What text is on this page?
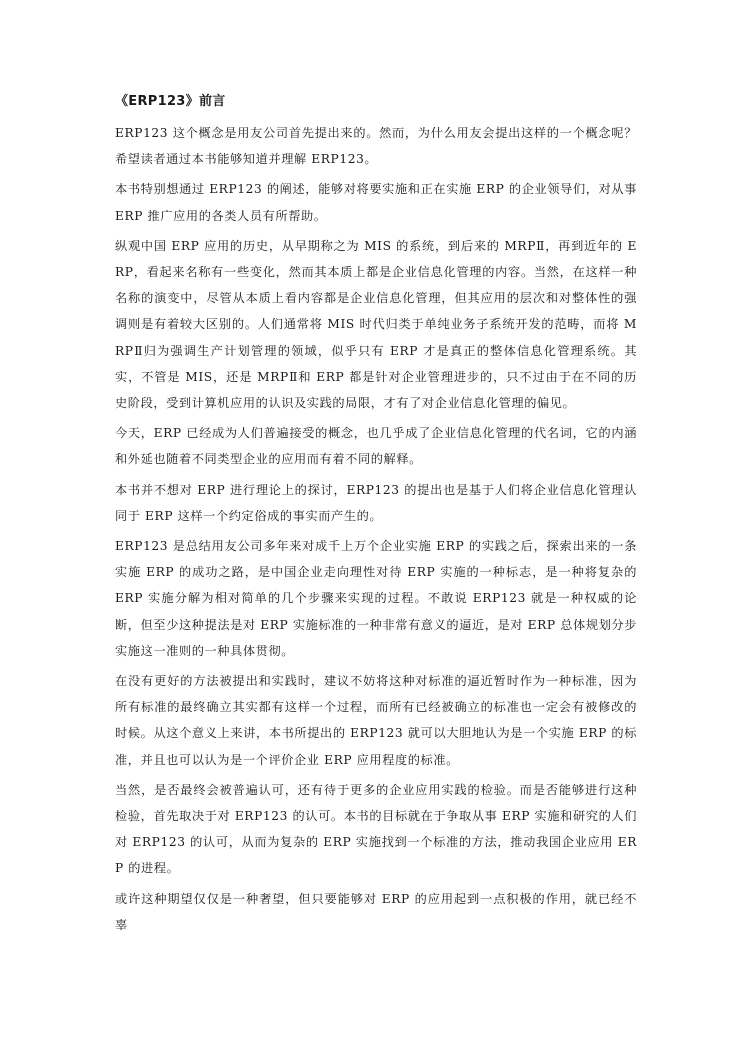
《ERP123》前言

ERP123 这个概念是用友公司首先提出来的。然而，为什么用友会提出这样的一个概念呢？希望读者通过本书能够知道并理解 ERP123。

本书特别想通过 ERP123 的阐述，能够对将要实施和正在实施 ERP 的企业领导们，对从事 ERP 推广应用的各类人员有所帮助。

纵观中国 ERP 应用的历史，从早期称之为 MIS 的系统，到后来的 MRPⅡ，再到近年的 ERP，看起来名称有一些变化，然而其本质上都是企业信息化管理的内容。当然，在这样一种名称的演变中，尽管从本质上看内容都是企业信息化管理，但其应用的层次和对整体性的强调则是有着较大区别的。人们通常将 MIS 时代归类于单纯业务子系统开发的范畴，而将 MRPⅡ归为强调生产计划管理的领域，似乎只有 ERP 才是真正的整体信息化管理系统。其实，不管是 MIS，还是 MRPⅡ和 ERP 都是针对企业管理进步的，只不过由于在不同的历史阶段，受到计算机应用的认识及实践的局限，才有了对企业信息化管理的偏见。

今天，ERP 已经成为人们普遍接受的概念，也几乎成了企业信息化管理的代名词，它的内涵和外延也随着不同类型企业的应用而有着不同的解释。

本书并不想对 ERP 进行理论上的探讨，ERP123 的提出也是基于人们将企业信息化管理认同于 ERP 这样一个约定俗成的事实而产生的。

ERP123 是总结用友公司多年来对成千上万个企业实施 ERP 的实践之后，探索出来的一条实施 ERP 的成功之路，是中国企业走向理性对待 ERP 实施的一种标志，是一种将复杂的 ERP 实施分解为相对简单的几个步骤来实现的过程。不敢说 ERP123 就是一种权威的论断，但至少这种提法是对 ERP 实施标准的一种非常有意义的逼近，是对 ERP 总体规划分步实施这一准则的一种具体贯彻。

在没有更好的方法被提出和实践时，建议不妨将这种对标准的逼近暂时作为一种标准，因为所有标准的最终确立其实都有这样一个过程，而所有已经被确立的标准也一定会有被修改的时候。从这个意义上来讲，本书所提出的 ERP123 就可以大胆地认为是一个实施 ERP 的标准，并且也可以认为是一个评价企业 ERP 应用程度的标准。

当然，是否最终会被普遍认可，还有待于更多的企业应用实践的检验。而是否能够进行这种检验，首先取决于对 ERP123 的认可。本书的目标就在于争取从事 ERP 实施和研究的人们对 ERP123 的认可，从而为复杂的 ERP 实施找到一个标准的方法，推动我国企业应用 ERP 的进程。

或许这种期望仅仅是一种奢望，但只要能够对 ERP 的应用起到一点积极的作用，就已经不辜
